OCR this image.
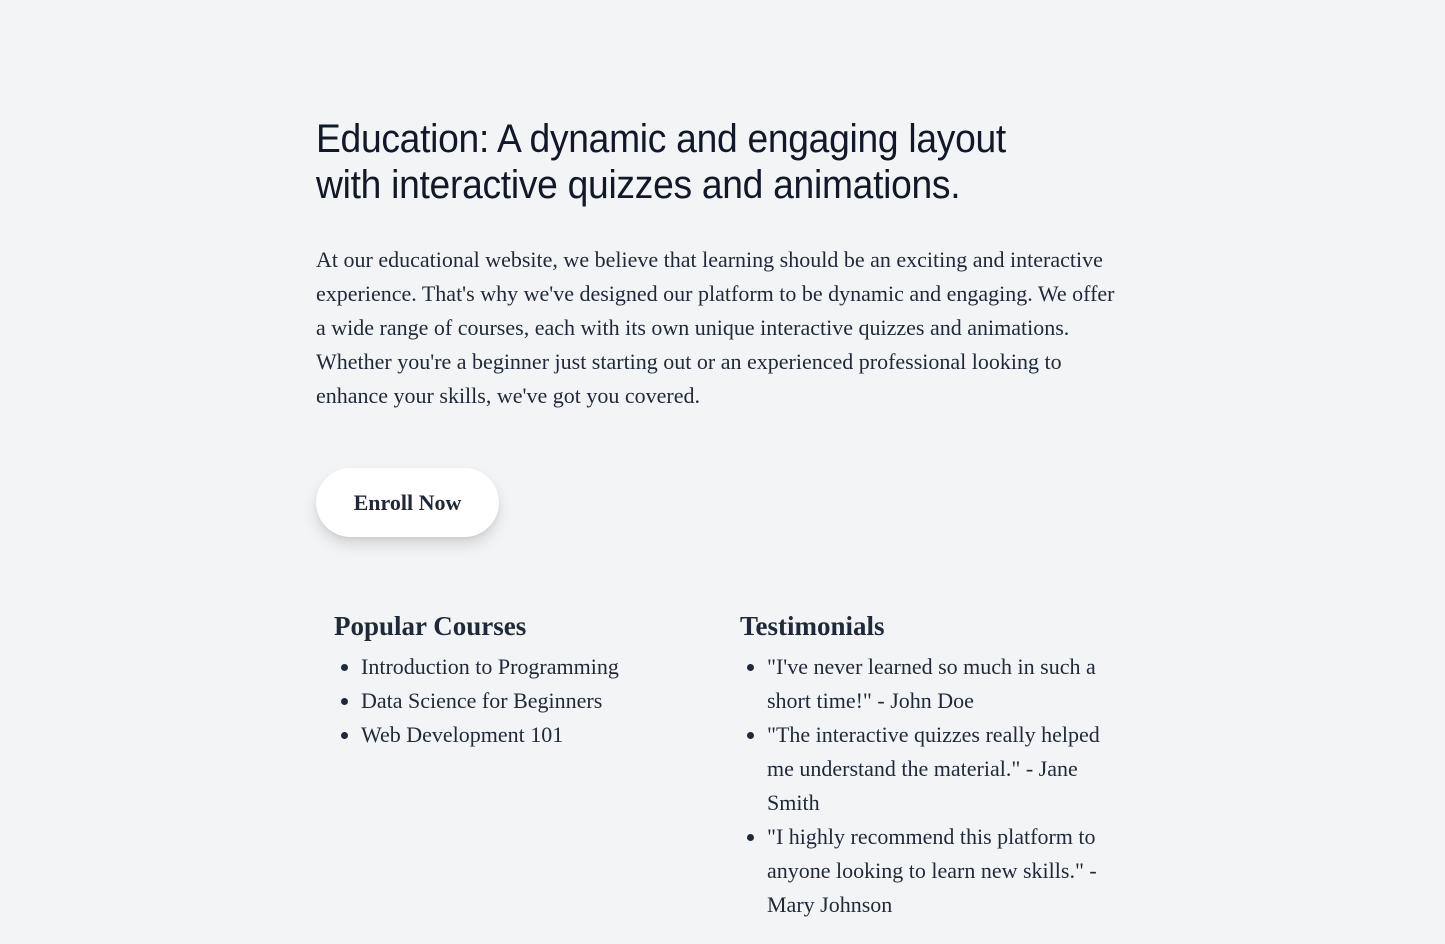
Education: A dynamic and engaging layout with interactive quizzes and animations.

At our educational website, we believe that learning should be an exciting and interactive experience. That's why we've designed our platform to be dynamic and engaging. We offer a wide range of courses, each with its own unique interactive quizzes and animations. Whether you're a beginner just starting out or an experienced professional looking to enhance your skills, we've got you covered.

Enroll Now
Popular Courses
• Introduction to Programming
• Data Science for Beginners
• Web Development 101
Testimonials
• "I've never learned so much in such a short time!" - John Doe
• "The interactive quizzes really helped me understand the material." - Jane Smith
• "I highly recommend this platform to anyone looking to learn new skills." - Mary Johnson
